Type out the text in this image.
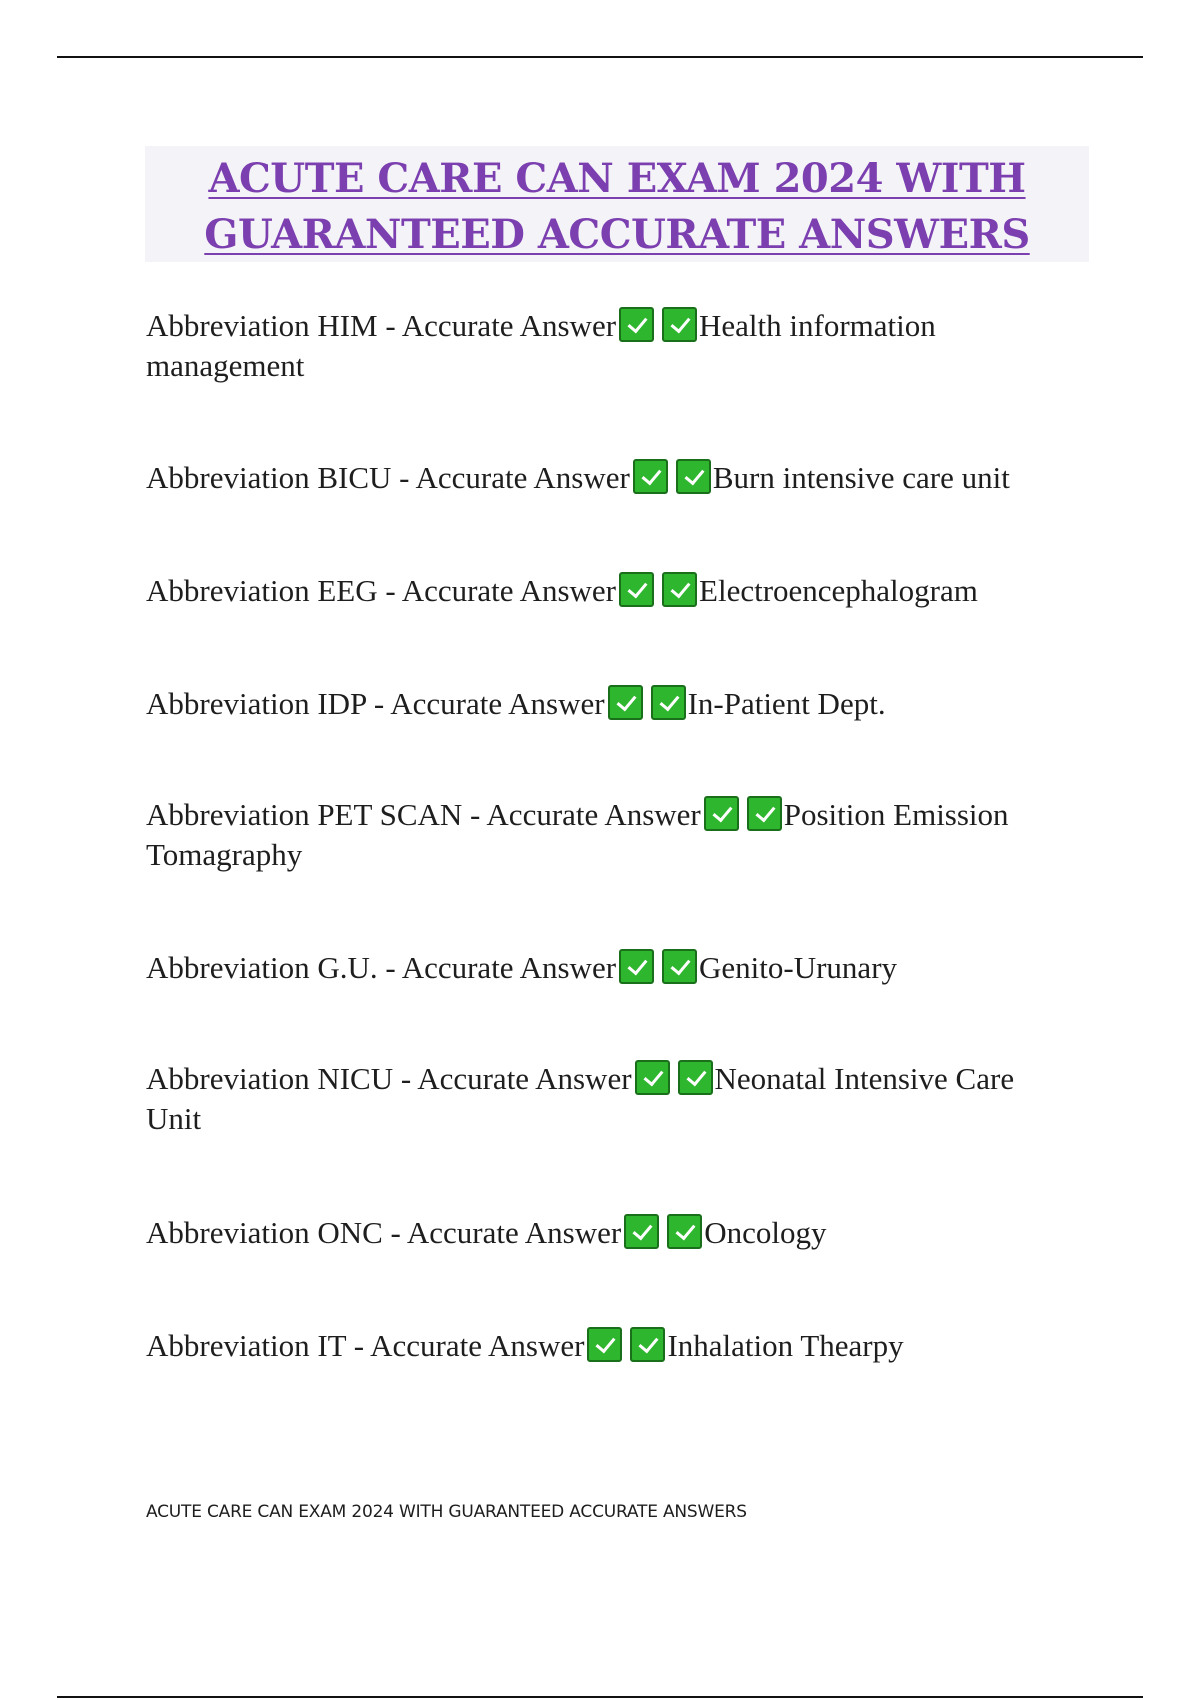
ACUTE CARE CAN EXAM 2024 WITH
GUARANTEED ACCURATE ANSWERS

Abbreviation HIM - Accurate Answer	Health information management

Abbreviation BICU - Accurate Answer	Burn intensive care unit

Abbreviation EEG - Accurate Answer	Electroencephalogram

Abbreviation IDP - Accurate Answer	In-Patient Dept.

Abbreviation PET SCAN - Accurate Answer	Position Emission Tomagraphy

Abbreviation G.U. - Accurate Answer	Genito-Urunary

Abbreviation NICU - Accurate Answer	Neonatal Intensive Care Unit

Abbreviation ONC - Accurate Answer	Oncology

Abbreviation IT - Accurate Answer	Inhalation Thearpy

ACUTE CARE CAN EXAM 2024 WITH GUARANTEED ACCURATE ANSWERS
